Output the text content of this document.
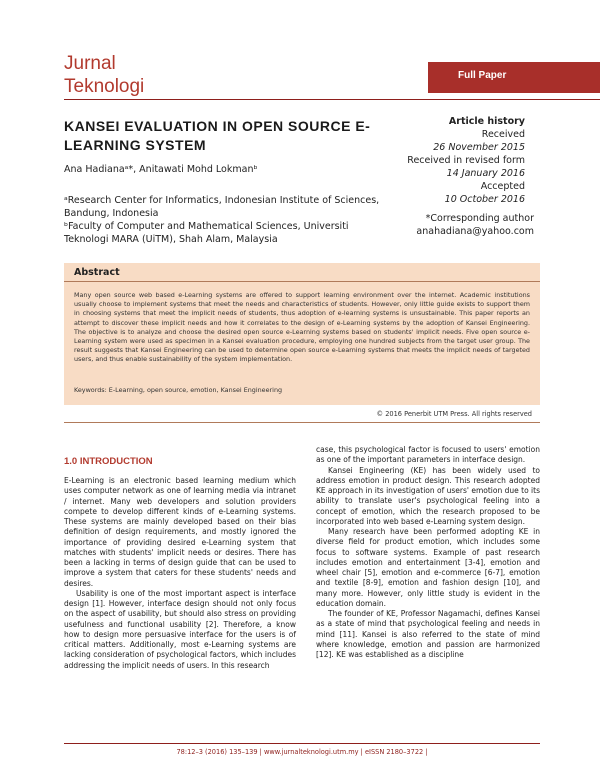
Jurnal
Teknologi
Full Paper
KANSEI EVALUATION IN OPEN SOURCE E-LEARNING SYSTEM
Ana Hadianaᵃ*, Anitawati Mohd Lokmanᵇ
ᵃResearch Center for Informatics, Indonesian Institute of Sciences, Bandung, Indonesia
ᵇFaculty of Computer and Mathematical Sciences, Universiti Teknologi MARA (UiTM), Shah Alam, Malaysia
Article history
Received
26 November 2015
Received in revised form
14 January 2016
Accepted
10 October 2016
*Corresponding author
anahadiana@yahoo.com
Abstract
Many open source web based e-Learning systems are offered to support learning environment over the internet. Academic institutions usually choose to implement systems that meet the needs and characteristics of students. However, only little guide exists to support them in choosing systems that meet the implicit needs of students, thus adoption of e-learning systems is unsustainable. This paper reports an attempt to discover these implicit needs and how it correlates to the design of e-Learning systems by the adoption of Kansei Engineering. The objective is to analyze and choose the desired open source e-Learning systems based on students' implicit needs. Five open source e-Learning system were used as specimen in a Kansei evaluation procedure, employing one hundred subjects from the target user group. The result suggests that Kansei Engineering can be used to determine open source e-Learning systems that meets the implicit needs of targeted users, and thus enable sustainability of the system implementation.
Keywords: E-Learning, open source, emotion, Kansei Engineering
© 2016 Penerbit UTM Press. All rights reserved
1.0 INTRODUCTION

E-Learning is an electronic based learning medium which uses computer network as one of learning media via intranet / internet. Many web developers and solution providers compete to develop different kinds of e-Learning systems. These systems are mainly developed based on their bias definition of design requirements, and mostly ignored the importance of providing desired e-Learning system that matches with students' implicit needs or desires. There has been a lacking in terms of design guide that can be used to improve a system that caters for these students' needs and desires.

Usability is one of the most important aspect is interface design [1]. However, interface design should not only focus on the aspect of usability, but should also stress on providing usefulness and functional usability [2]. Therefore, a know how to design more persuasive interface for the users is of critical matters. Additionally, most e-Learning systems are lacking consideration of psychological factors, which includes addressing the implicit needs of users. In this research

case, this psychological factor is focused to users' emotion as one of the important parameters in interface design.

Kansei Engineering (KE) has been widely used to address emotion in product design. This research adopted KE approach in its investigation of users' emotion due to its ability to translate user's psychological feeling into a concept of emotion, which the research proposed to be incorporated into web based e-Learning system design.

Many research have been performed adopting KE in diverse field for product emotion, which includes some focus to software systems. Example of past research includes emotion and entertainment [3-4], emotion and wheel chair [5], emotion and e-commerce [6-7], emotion and textile [8-9], emotion and fashion design [10], and many more. However, only little study is evident in the education domain.

The founder of KE, Professor Nagamachi, defines Kansei as a state of mind that psychological feeling and needs in mind [11]. Kansei is also referred to the state of mind where knowledge, emotion and passion are harmonized [12]. KE was established as a discipline

78:12–3 (2016) 135–139 | www.jurnalteknologi.utm.my | eISSN 2180–3722 |
